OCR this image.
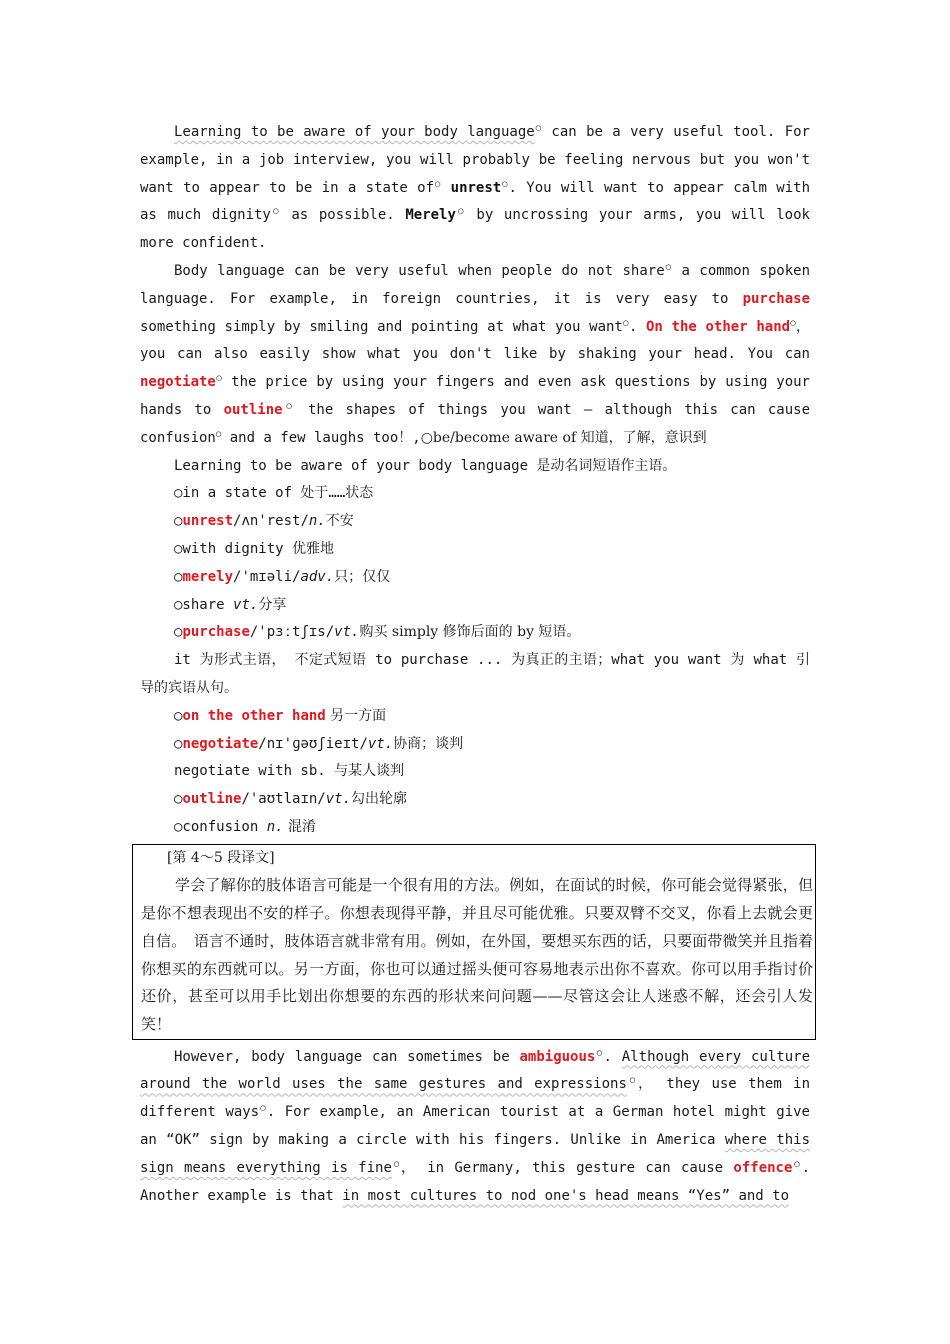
Learning to be aware of your body language○ can be a very useful tool. For example, in a job interview, you will probably be feeling nervous but you won't want to appear to be in a state of○ unrest○. You will want to appear calm with as much dignity○ as possible. Merely○ by uncrossing your arms, you will look more confident.

Body language can be very useful when people do not share○ a common spoken language. For example, in foreign countries, it is very easy to purchase something simply by smiling and pointing at what you want○. On the other hand○， you can also easily show what you don't like by shaking your head. You can negotiate○ the price by using your fingers and even ask questions by using your hands to outline○ the shapes of things you want — although this can cause confusion○ and a few laughs too！,○be/become aware of 知道，了解，意识到

Learning to be aware of your body language 是动名词短语作主语。

○in a state of 处于……状态

○unrest/ʌn'rest/n.不安

○with dignity 优雅地

○merely/'mɪəli/adv.只；仅仅

○share vt.分享

○purchase/'pɜːtʃɪs/vt.购买 simply 修饰后面的 by 短语。

it 为形式主语， 不定式短语 to purchase ... 为真正的主语；what you want 为 what 引导的宾语从句。

○on the other hand 另一方面

○negotiate/nɪ'ɡəʊʃieɪt/vt.协商；谈判

negotiate with sb. 与某人谈判

○outline/'aʊtlaɪn/vt.勾出轮廓

○confusion n. 混淆

[第 4～5 段译文]

学会了解你的肢体语言可能是一个很有用的方法。例如，在面试的时候，你可能会觉得紧张，但是你不想表现出不安的样子。你想表现得平静，并且尽可能优雅。只要双臂不交叉，你看上去就会更自信。　语言不通时，肢体语言就非常有用。例如，在外国，要想买东西的话，只要面带微笑并且指着你想买的东西就可以。另一方面，你也可以通过摇头便可容易地表示出你不喜欢。你可以用手指讨价还价，甚至可以用手比划出你想要的东西的形状来问问题——尽管这会让人迷惑不解，还会引人发笑！

However, body language can sometimes be ambiguous○. Although every culture around the world uses the same gestures and expressions○， they use them in different ways○. For example, an American tourist at a German hotel might give an “OK” sign by making a circle with his fingers. Unlike in America where this sign means everything is fine○， in Germany, this gesture can cause offence○. Another example is that in most cultures to nod one's head means “Yes” and to
